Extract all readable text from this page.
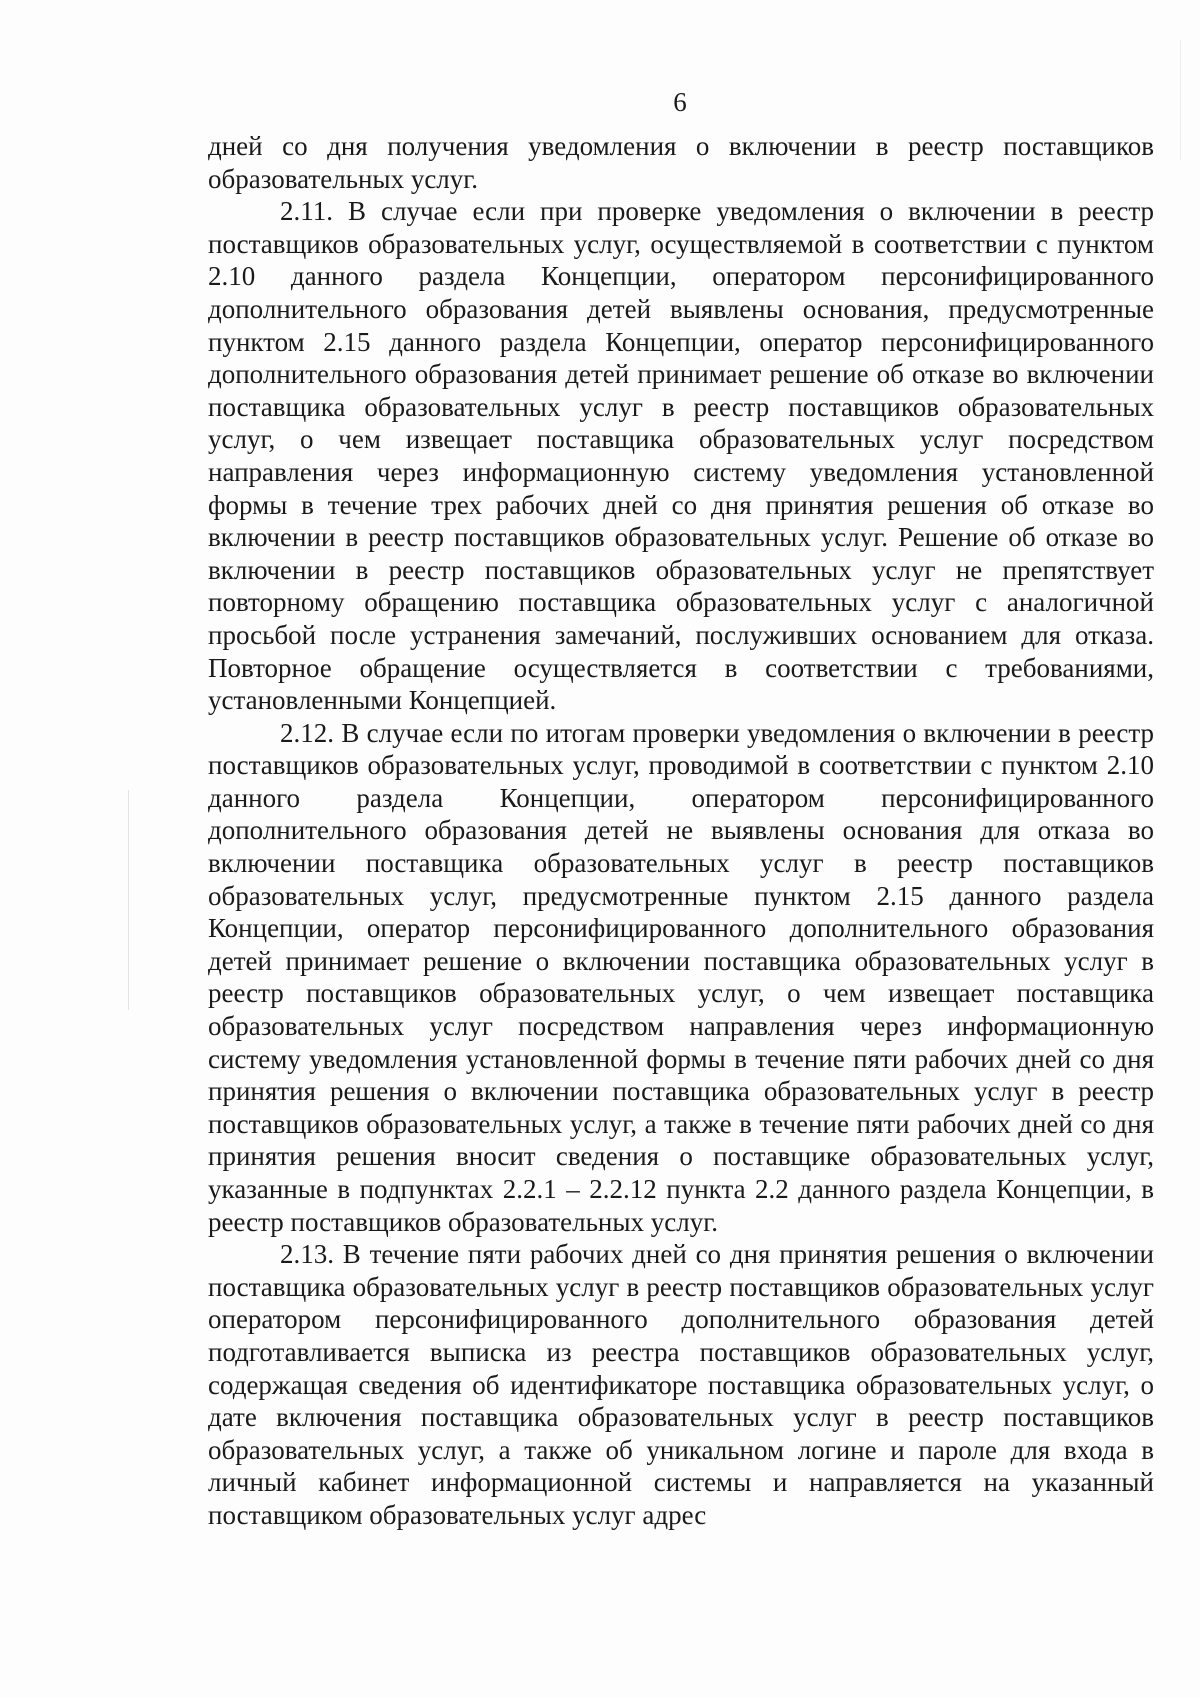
6

дней со дня получения уведомления о включении в реестр поставщиков образовательных услуг.

2.11. В случае если при проверке уведомления о включении в реестр поставщиков образовательных услуг, осуществляемой в соответствии с пунктом 2.10 данного раздела Концепции, оператором персонифицированного дополнительного образования детей выявлены основания, предусмотренные пунктом 2.15 данного раздела Концепции, оператор персонифицированного дополнительного образования детей принимает решение об отказе во включении поставщика образовательных услуг в реестр поставщиков образовательных услуг, о чем извещает поставщика образовательных услуг посредством направления через информационную систему уведомления установленной формы в течение трех рабочих дней со дня принятия решения об отказе во включении в реестр поставщиков образовательных услуг. Решение об отказе во включении в реестр поставщиков образовательных услуг не препятствует повторному обращению поставщика образовательных услуг с аналогичной просьбой после устранения замечаний, послуживших основанием для отказа. Повторное обращение осуществляется в соответствии с требованиями, установленными Концепцией.

2.12. В случае если по итогам проверки уведомления о включении в реестр поставщиков образовательных услуг, проводимой в соответствии с пунктом 2.10 данного раздела Концепции, оператором персонифицированного дополнительного образования детей не выявлены основания для отказа во включении поставщика образовательных услуг в реестр поставщиков образовательных услуг, предусмотренные пунктом 2.15 данного раздела Концепции, оператор персонифицированного дополнительного образования детей принимает решение о включении поставщика образовательных услуг в реестр поставщиков образовательных услуг, о чем извещает поставщика образовательных услуг посредством направления через информационную систему уведомления установленной формы в течение пяти рабочих дней со дня принятия решения о включении поставщика образовательных услуг в реестр поставщиков образовательных услуг, а также в течение пяти рабочих дней со дня принятия решения вносит сведения о поставщике образовательных услуг, указанные в подпунктах 2.2.1 – 2.2.12 пункта 2.2 данного раздела Концепции, в реестр поставщиков образовательных услуг.

2.13. В течение пяти рабочих дней со дня принятия решения о включении поставщика образовательных услуг в реестр поставщиков образовательных услуг оператором персонифицированного дополнительного образования детей подготавливается выписка из реестра поставщиков образовательных услуг, содержащая сведения об идентификаторе поставщика образовательных услуг, о дате включения поставщика образовательных услуг в реестр поставщиков образовательных услуг, а также об уникальном логине и пароле для входа в личный кабинет информационной системы и направляется на указанный поставщиком образовательных услуг адрес
